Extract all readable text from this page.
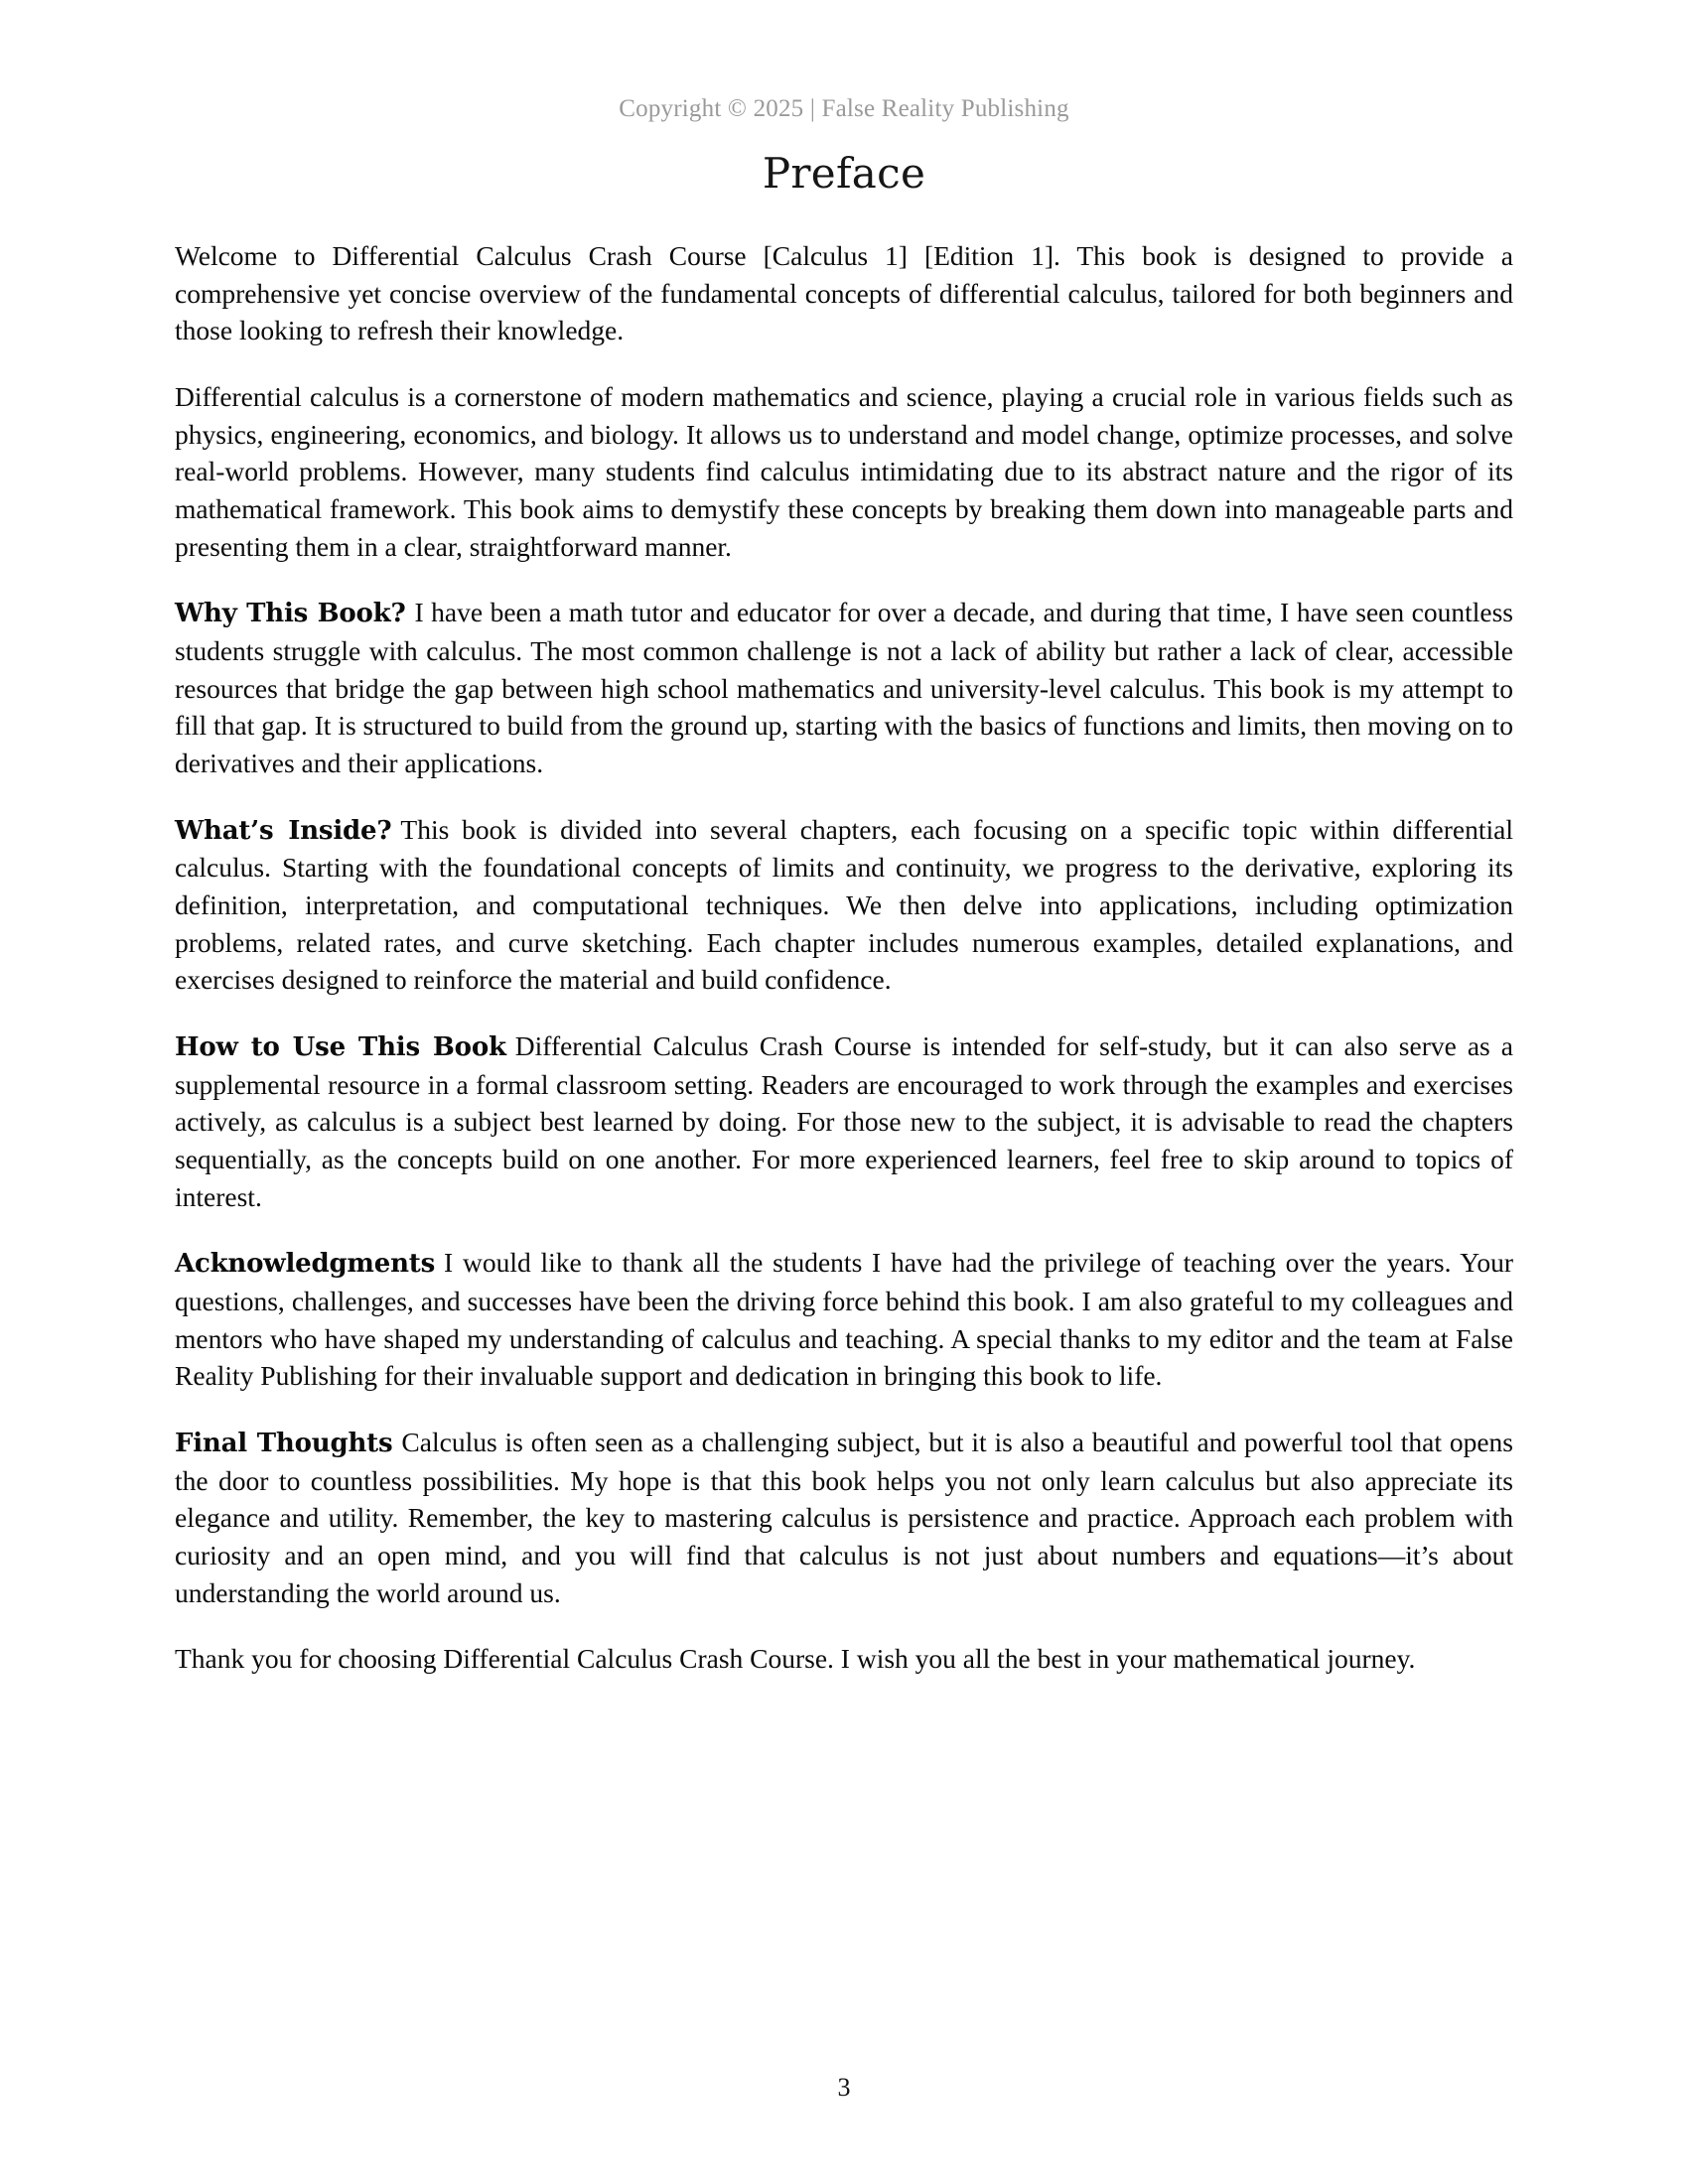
Copyright © 2025 | False Reality Publishing
Preface

Welcome to Differential Calculus Crash Course [Calculus 1] [Edition 1]. This book is designed to provide a comprehensive yet concise overview of the fundamental concepts of differential calculus, tailored for both beginners and those looking to refresh their knowledge.

Differential calculus is a cornerstone of modern mathematics and science, playing a crucial role in various fields such as physics, engineering, economics, and biology. It allows us to understand and model change, optimize processes, and solve real-world problems. However, many students find calculus intimidating due to its abstract nature and the rigor of its mathematical framework. This book aims to demystify these concepts by breaking them down into manageable parts and presenting them in a clear, straightforward manner.

Why This Book? I have been a math tutor and educator for over a decade, and during that time, I have seen countless students struggle with calculus. The most common challenge is not a lack of ability but rather a lack of clear, accessible resources that bridge the gap between high school mathematics and university-level calculus. This book is my attempt to fill that gap. It is structured to build from the ground up, starting with the basics of functions and limits, then moving on to derivatives and their applications.

What’s Inside? This book is divided into several chapters, each focusing on a specific topic within differential calculus. Starting with the foundational concepts of limits and continuity, we progress to the derivative, exploring its definition, interpretation, and computational techniques. We then delve into applications, including optimization problems, related rates, and curve sketching. Each chapter includes numerous examples, detailed explanations, and exercises designed to reinforce the material and build confidence.

How to Use This Book Differential Calculus Crash Course is intended for self-study, but it can also serve as a supplemental resource in a formal classroom setting. Readers are encouraged to work through the examples and exercises actively, as calculus is a subject best learned by doing. For those new to the subject, it is advisable to read the chapters sequentially, as the concepts build on one another. For more experienced learners, feel free to skip around to topics of interest.

Acknowledgments I would like to thank all the students I have had the privilege of teaching over the years. Your questions, challenges, and successes have been the driving force behind this book. I am also grateful to my colleagues and mentors who have shaped my understanding of calculus and teaching. A special thanks to my editor and the team at False Reality Publishing for their invaluable support and dedication in bringing this book to life.

Final Thoughts Calculus is often seen as a challenging subject, but it is also a beautiful and powerful tool that opens the door to countless possibilities. My hope is that this book helps you not only learn calculus but also appreciate its elegance and utility. Remember, the key to mastering calculus is persistence and practice. Approach each problem with curiosity and an open mind, and you will find that calculus is not just about numbers and equations—it’s about understanding the world around us.

Thank you for choosing Differential Calculus Crash Course. I wish you all the best in your mathematical journey.

3
